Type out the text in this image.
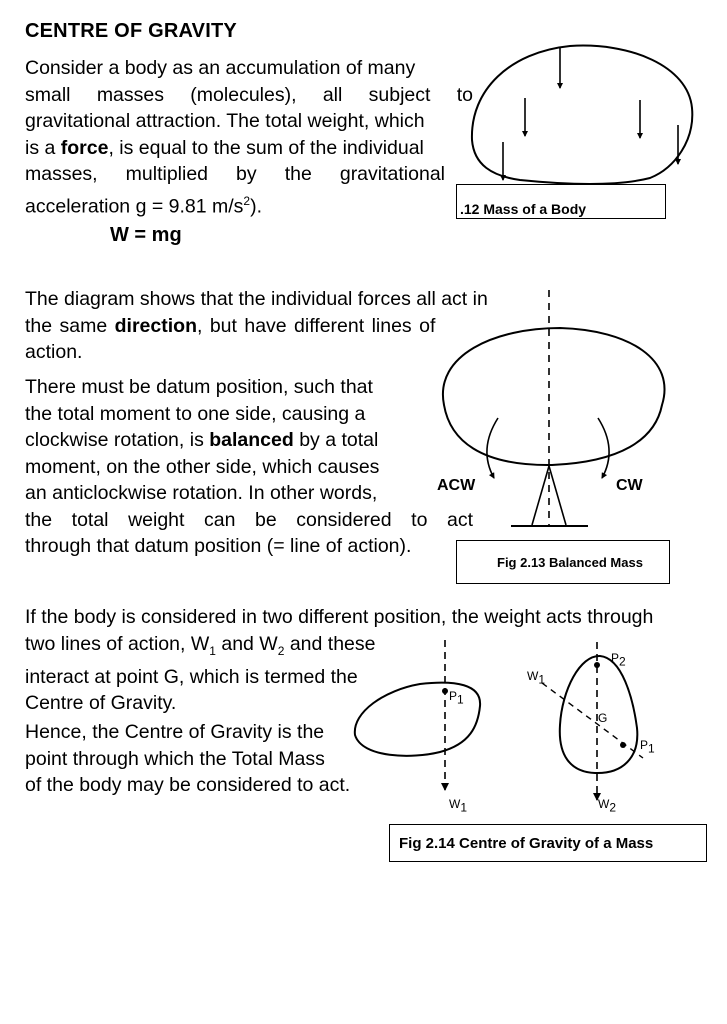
CENTRE OF GRAVITY
Consider a body as an accumulation of many
small masses (molecules), all subject to
gravitational attraction. The total weight, which
is a force, is equal to the sum of the individual
masses, multiplied by the gravitational
acceleration g = 9.81 $m/s^2$).
W = mg
The diagram shows that the individual forces all act in
the same direction, but have different lines of
action.
There must be datum position, such that
the total moment to one side, causing a
clockwise rotation, is balanced by a total
moment, on the other side, which causes
an anticlockwise rotation. In other words,
the total weight can be considered to act
through that datum position (= line of action).
If the body is considered in two different position, the weight acts through
two lines of action, $W_1$ and $W_2$ and these
interact at point G, which is termed the
Centre of Gravity.
Hence, the Centre of Gravity is the
point through which the Total Mass
of the body may be considered to act.
ACW	CW
$P_1$
$W_1$
$W_1$
$P_2$
G
$P_1$
$W_2$
.12 Mass of a Body
Fig 2.13 Balanced Mass
Fig 2.14 Centre of Gravity of a Mass
